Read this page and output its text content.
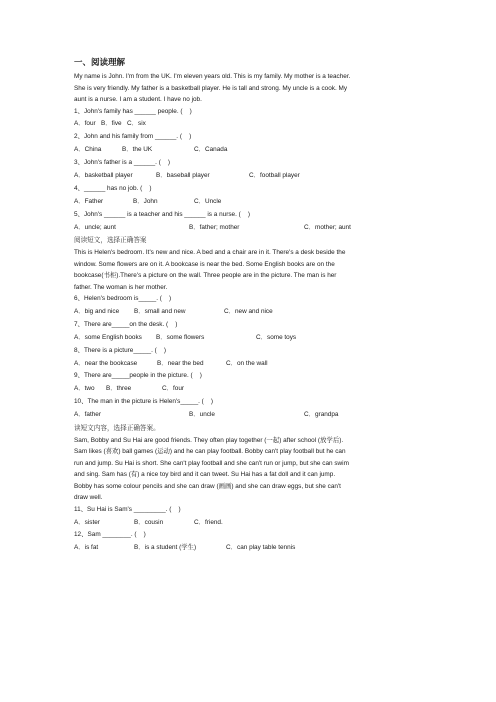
一、阅读理解

My name is John. I'm from the UK. I'm eleven years old. This is my family. My mother is a teacher.

She is very friendly. My father is a basketball player. He is tall and strong. My uncle is a cook. My

aunt is a nurse. I am a student. I have no job.

1、John's family has ______ people. (    )

A．four

B．five

C．six

2、John and his family from ______. (    )

A．China

	B．the UK

	C．Canada

3、John's father is a ______. (    )

A．basketball player

	B．baseball player

	C．football player

4、______ has no job. (    )

A．Father

	B．John

	C．Uncle

5、John's ______ is a teacher and his ______ is a nurse. (    )

A．uncle; aunt

	B．father; mother

	C．mother; aunt

阅读短文，选择正确答案

This is Helen's bedroom. It's new and nice. A bed and a chair are in it. There's a desk beside the

window. Some flowers are on it. A bookcase is near the bed. Some English books are on the

bookcase(书柜).There's a picture on the wall. Three people are in the picture. The man is her

father. The woman is her mother.

6、Helen's bedroom is_____. (    )

A．big and nice

B．small and new

	C．new and nice

7、There are_____on the desk. (    )

A．some English books

B．some flowers

	C．some toys

8、There is a picture_____. (    )

A．near the bookcase

	B．near the bed

	C．on the wall

9、There are_____people in the picture. (    )

A．two

B．three

	C．four

10、The man in the picture is Helen's_____. (    )

A．father

	B．uncle

	C．grandpa

读短文内容，选择正确答案。

Sam, Bobby and Su Hai are good friends. They often play together (一起) after school (放学后).

Sam likes (喜欢) ball games (运动) and he can play football. Bobby can't play football but he can

run and jump. Su Hai is short. She can't play football and she can't run or jump, but she can swim

and sing. Sam has (有) a nice toy bird and it can tweet. Su Hai has a fat doll and it can jump.

Bobby has some colour pencils and she can draw (画画) and she can draw eggs, but she can't

draw well.

11、Su Hai is Sam's _________. (    )

A．sister

	B．cousin

	C．friend.

12、Sam ________. (    )

A．is fat

	B．is a student (学生)

	C．can play table tennis
